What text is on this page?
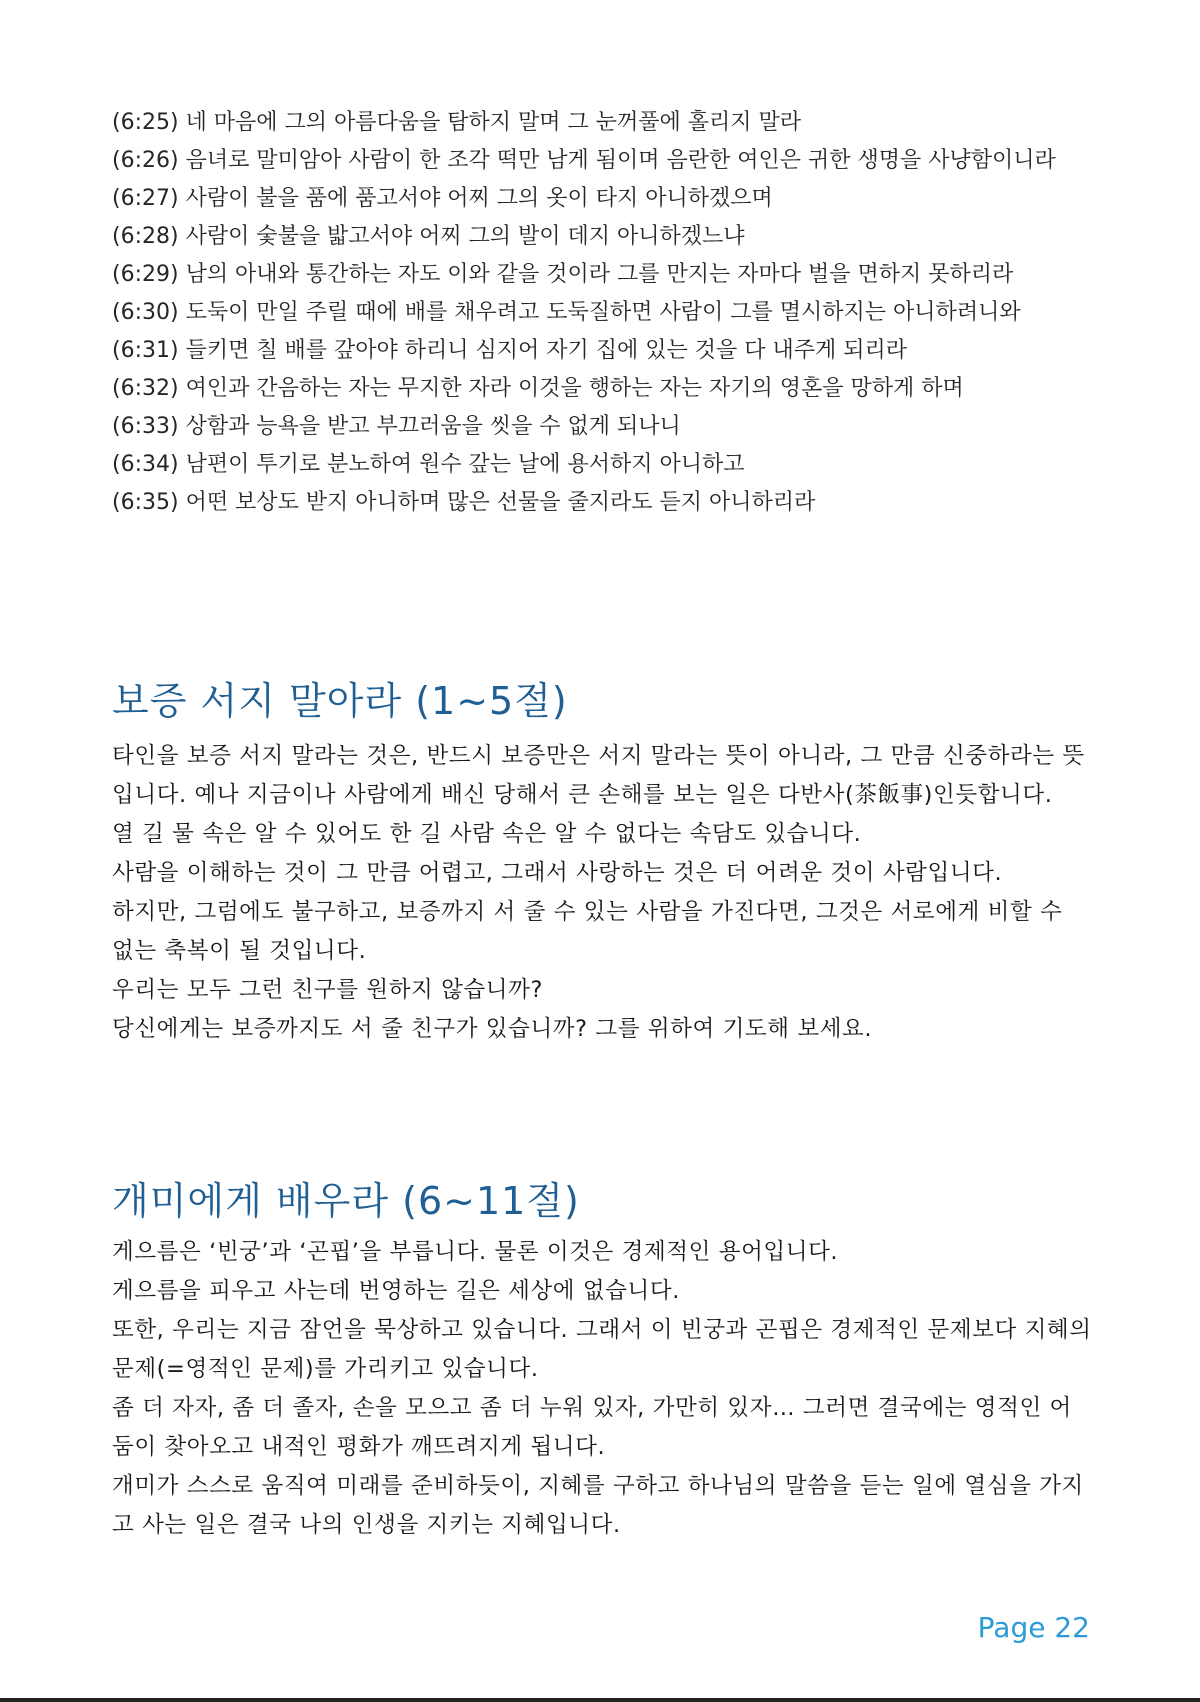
(6:25) 네 마음에 그의 아름다움을 탐하지 말며 그 눈꺼풀에 홀리지 말라

(6:26) 음녀로 말미암아 사람이 한 조각 떡만 남게 됨이며 음란한 여인은 귀한 생명을 사냥함이니라

(6:27) 사람이 불을 품에 품고서야 어찌 그의 옷이 타지 아니하겠으며

(6:28) 사람이 숯불을 밟고서야 어찌 그의 발이 데지 아니하겠느냐

(6:29) 남의 아내와 통간하는 자도 이와 같을 것이라 그를 만지는 자마다 벌을 면하지 못하리라

(6:30) 도둑이 만일 주릴 때에 배를 채우려고 도둑질하면 사람이 그를 멸시하지는 아니하려니와

(6:31) 들키면 칠 배를 갚아야 하리니 심지어 자기 집에 있는 것을 다 내주게 되리라

(6:32) 여인과 간음하는 자는 무지한 자라 이것을 행하는 자는 자기의 영혼을 망하게 하며

(6:33) 상함과 능욕을 받고 부끄러움을 씻을 수 없게 되나니

(6:34) 남편이 투기로 분노하여 원수 갚는 날에 용서하지 아니하고

(6:35) 어떤 보상도 받지 아니하며 많은 선물을 줄지라도 듣지 아니하리라

보증 서지 말아라 (1~5절)

타인을 보증 서지 말라는 것은, 반드시 보증만은 서지 말라는 뜻이 아니라, 그 만큼 신중하라는 뜻입니다. 예나 지금이나 사람에게 배신 당해서 큰 손해를 보는 일은 다반사(茶飯事)인듯합니다.

열 길 물 속은 알 수 있어도 한 길 사람 속은 알 수 없다는 속담도 있습니다.

사람을 이해하는 것이 그 만큼 어렵고, 그래서 사랑하는 것은 더 어려운 것이 사람입니다.

하지만, 그럼에도 불구하고, 보증까지 서 줄 수 있는 사람을 가진다면, 그것은 서로에게 비할 수 없는 축복이 될 것입니다.

우리는 모두 그런 친구를 원하지 않습니까?

당신에게는 보증까지도 서 줄 친구가 있습니까? 그를 위하여 기도해 보세요.

개미에게 배우라 (6~11절)

게으름은 ‘빈궁’과 ‘곤핍’을 부릅니다. 물론 이것은 경제적인 용어입니다.

게으름을 피우고 사는데 번영하는 길은 세상에 없습니다.

또한, 우리는 지금 잠언을 묵상하고 있습니다. 그래서 이 빈궁과 곤핍은 경제적인 문제보다 지혜의 문제(=영적인 문제)를 가리키고 있습니다.

좀 더 자자, 좀 더 졸자, 손을 모으고 좀 더 누워 있자, 가만히 있자… 그러면 결국에는 영적인 어둠이 찾아오고 내적인 평화가 깨뜨려지게 됩니다.

개미가 스스로 움직여 미래를 준비하듯이, 지혜를 구하고 하나님의 말씀을 듣는 일에 열심을 가지고 사는 일은 결국 나의 인생을 지키는 지혜입니다.

Page 22
